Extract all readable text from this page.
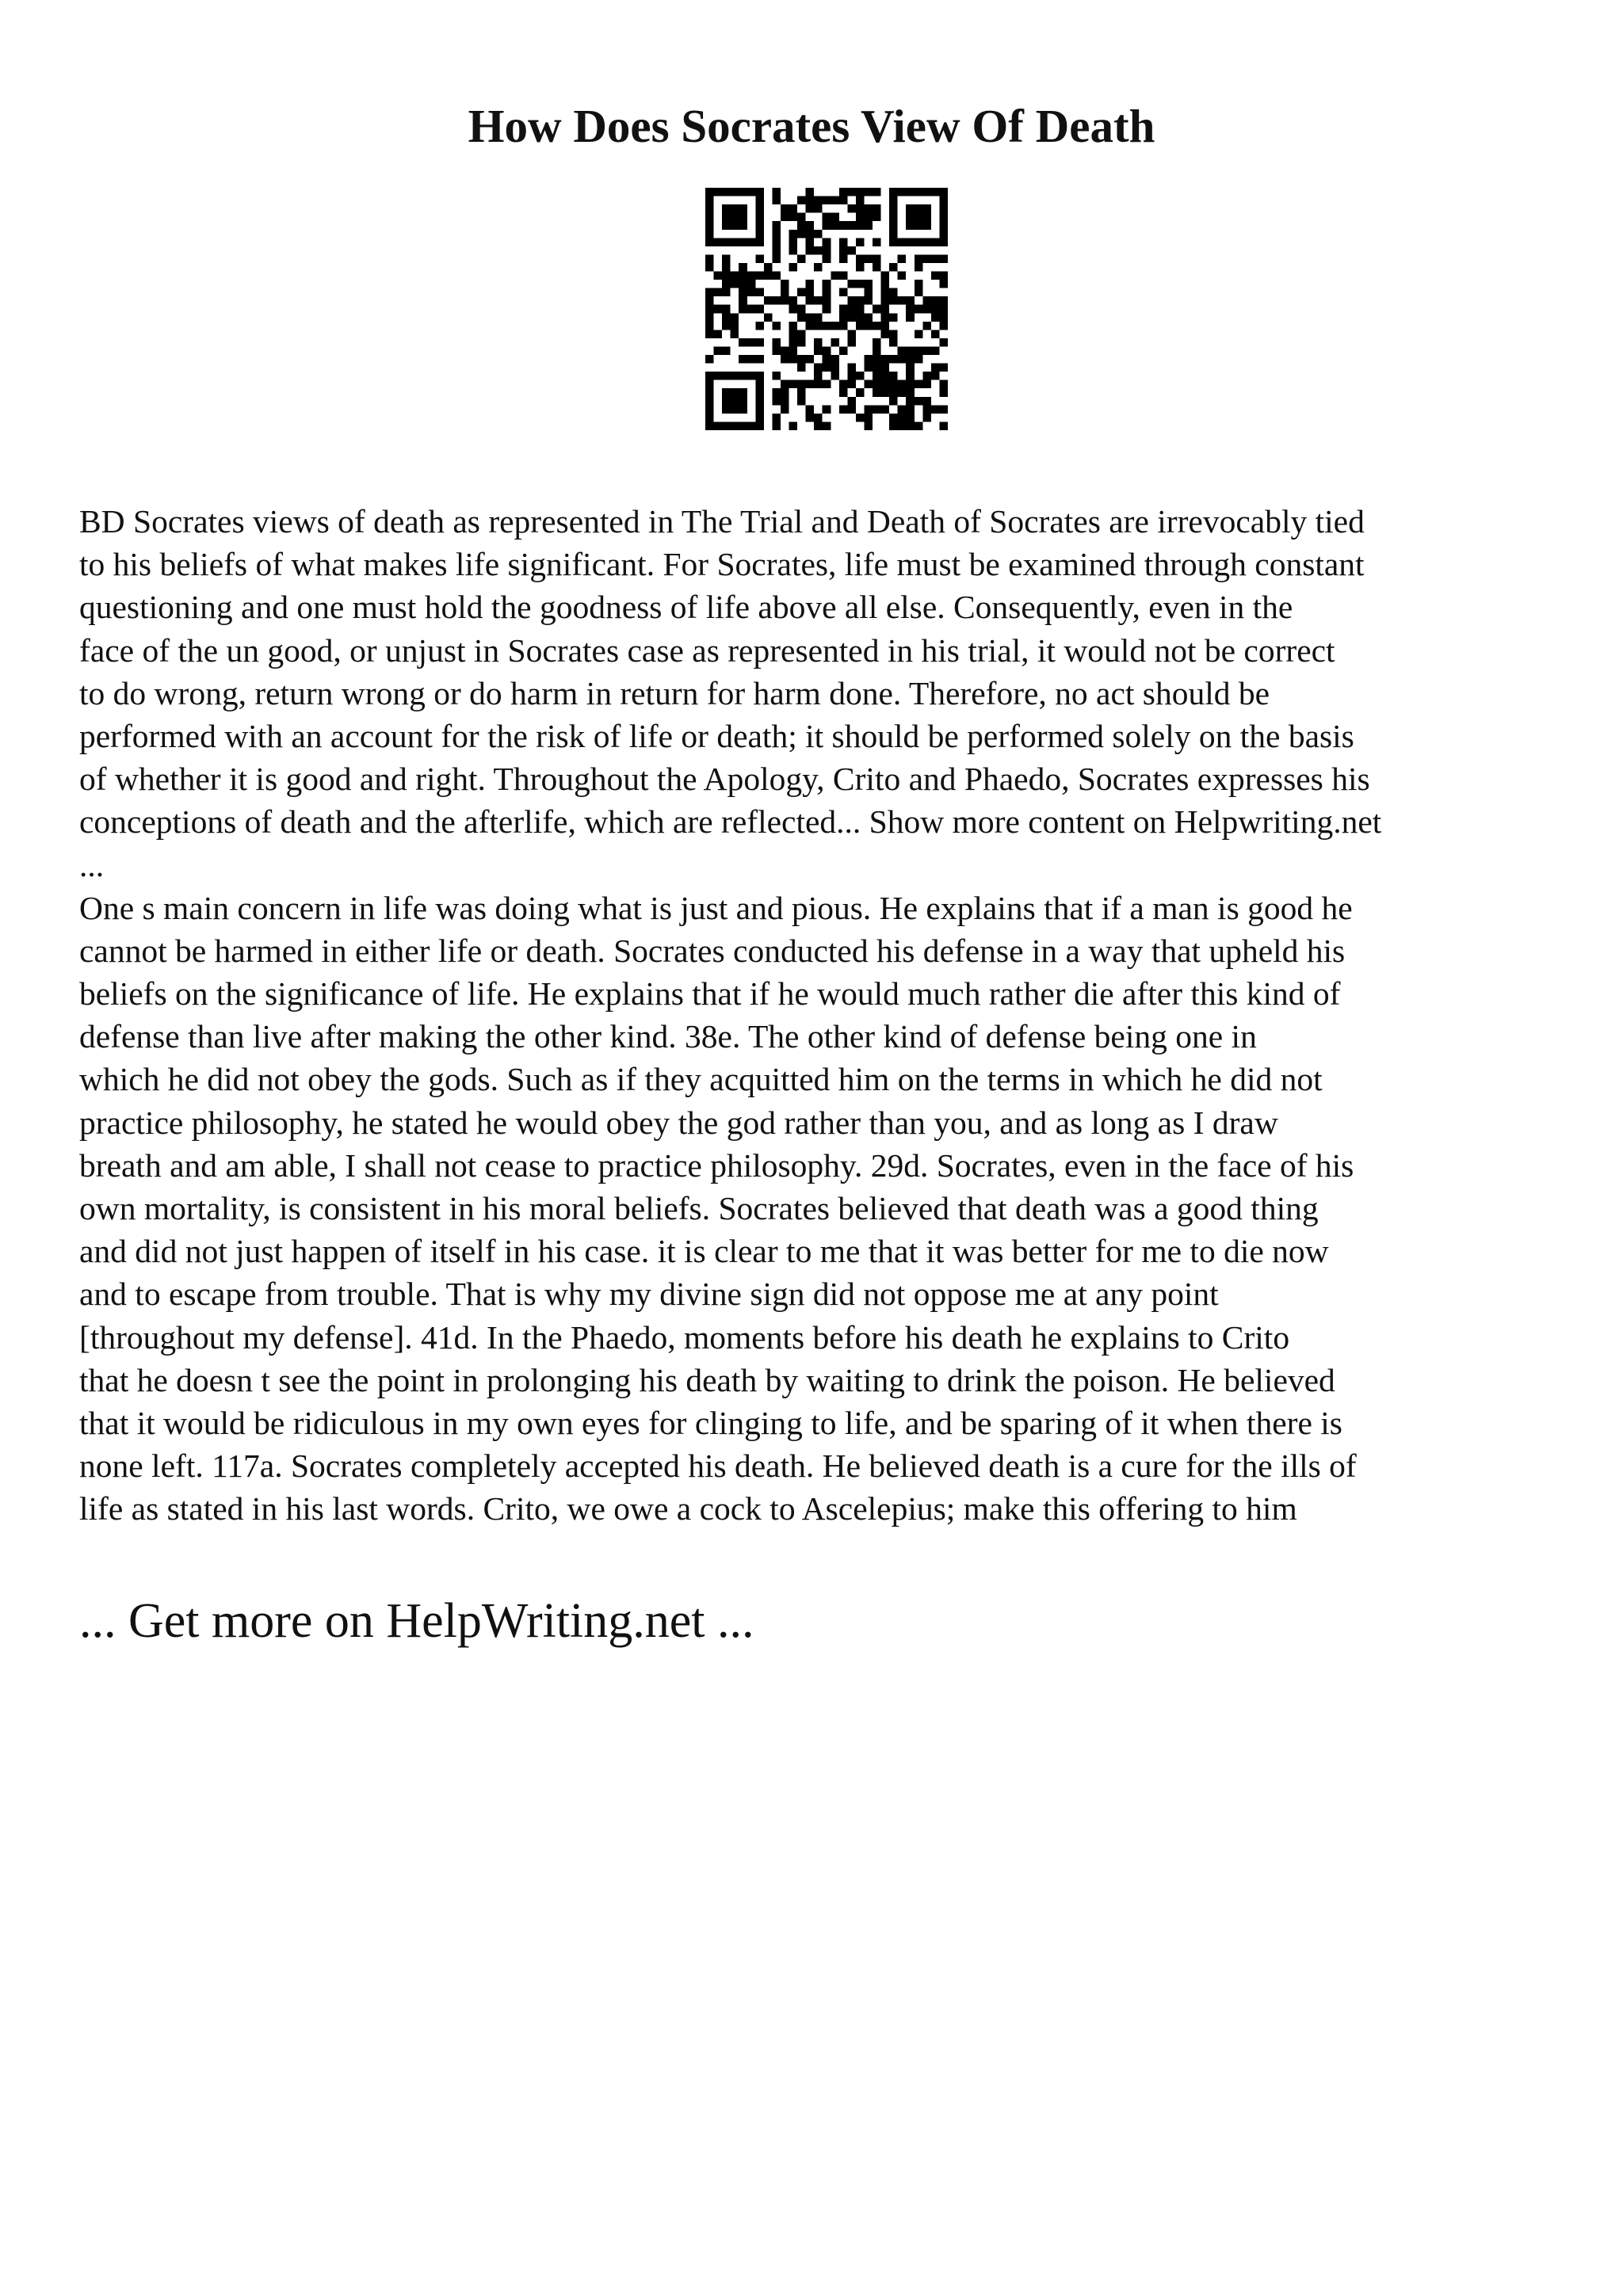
How Does Socrates View Of Death
BD Socrates views of death as represented in The Trial and Death of Socrates are irrevocably tied
to his beliefs of what makes life significant. For Socrates, life must be examined through constant
questioning and one must hold the goodness of life above all else. Consequently, even in the
face of the un good, or unjust in Socrates case as represented in his trial, it would not be correct
to do wrong, return wrong or do harm in return for harm done. Therefore, no act should be
performed with an account for the risk of life or death; it should be performed solely on the basis
of whether it is good and right. Throughout the Apology, Crito and Phaedo, Socrates expresses his
conceptions of death and the afterlife, which are reflected... Show more content on Helpwriting.net
...
One s main concern in life was doing what is just and pious. He explains that if a man is good he
cannot be harmed in either life or death. Socrates conducted his defense in a way that upheld his
beliefs on the significance of life. He explains that if he would much rather die after this kind of
defense than live after making the other kind. 38e. The other kind of defense being one in
which he did not obey the gods. Such as if they acquitted him on the terms in which he did not
practice philosophy, he stated he would obey the god rather than you, and as long as I draw
breath and am able, I shall not cease to practice philosophy. 29d. Socrates, even in the face of his
own mortality, is consistent in his moral beliefs. Socrates believed that death was a good thing
and did not just happen of itself in his case. it is clear to me that it was better for me to die now
and to escape from trouble. That is why my divine sign did not oppose me at any point
[throughout my defense]. 41d. In the Phaedo, moments before his death he explains to Crito
that he doesn t see the point in prolonging his death by waiting to drink the poison. He believed
that it would be ridiculous in my own eyes for clinging to life, and be sparing of it when there is
none left. 117a. Socrates completely accepted his death. He believed death is a cure for the ills of
life as stated in his last words. Crito, we owe a cock to Ascelepius; make this offering to him
... Get more on HelpWriting.net ...
